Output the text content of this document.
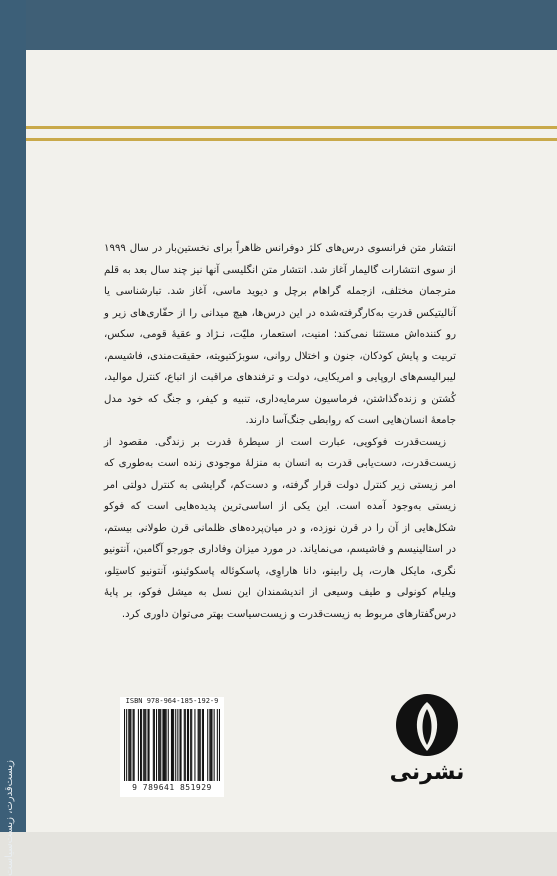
زیست‌قدرت، زیست‌سیاست

انتشار متن فرانسوی درس‌های کلژ دوفرانس ظاهراً برای نخستین‌بار در سال ۱۹۹۹ از سوی انتشارات گالیمار آغاز شد. انتشار متن انگلیسی آنها نیز چند سال بعد به قلم مترجمان مختلف، ازجمله گراهام برچل و دیوید ماسی، آغاز شد. تبارشناسی یا آنالیتیکس قدرتِ به‌کارگرفته‌شده در این درس‌ها، هیچ میدانی را از حفّاری‌های زیر و رو کننده‌اش مستثنا نمی‌کند: امنیت، استعمار، ملیّت، نـژاد و عقیهٔ قومی، سکس، تربیت و پایش کودکان، جنون و اختلال روانی، سوبژکتیویته، حقیقت‌مندی، فاشیسم، لیبرالیسم‌های اروپایی و امریکایی، دولت و ترفندهای مراقبت از اتباع، کنترل موالید، کُشتن و زنده‌گذاشتن، فرماسیون سرمایه‌داری، تنبیه و کیفر، و جنگ که خود مدل جامعهٔ انسان‌هایی است که روابطی جنگ‌آسا دارند.

زیست‌قدرت فوکویی، عبارت است از سیطرهٔ قدرت بر زندگی. مقصود از زیست‌قدرت، دست‌یابی قدرت به انسان به منزلهٔ موجودی زنده است به‌طوری که امر زیستی زیر کنترل دولت قرار گرفته، و دست‌کم، گرایشی به کنترل دولتی امر زیستی به‌وجود آمده است. این یکی از اساسی‌ترین پدیده‌هایی است که فوکو شکل‌هایی از آن را در قرن نوزده، و در میان‌پرده‌های ظلمانی قرن طولانی بیستم، در استالینیسم و فاشیسم، می‌نمایاند. در مورد میزان وفاداری جورجو آگامبن، آنتونیو نگری، مایکل هارت، پل رابینو، دانا هاراوِی، پاسکوئاله پاسکوئینو، آنتونیو کاستِلو، ویلیام کونولی و طیف وسیعی از اندیشمندان این نسل به میشل فوکو، بر پایهٔ درس‌گفتارهای مربوط به زیست‌قدرت و زیست‌سیاست بهتر می‌توان داوری کرد.

ISBN 978-964-185-192-9
9 789641 851929
نشرنی
